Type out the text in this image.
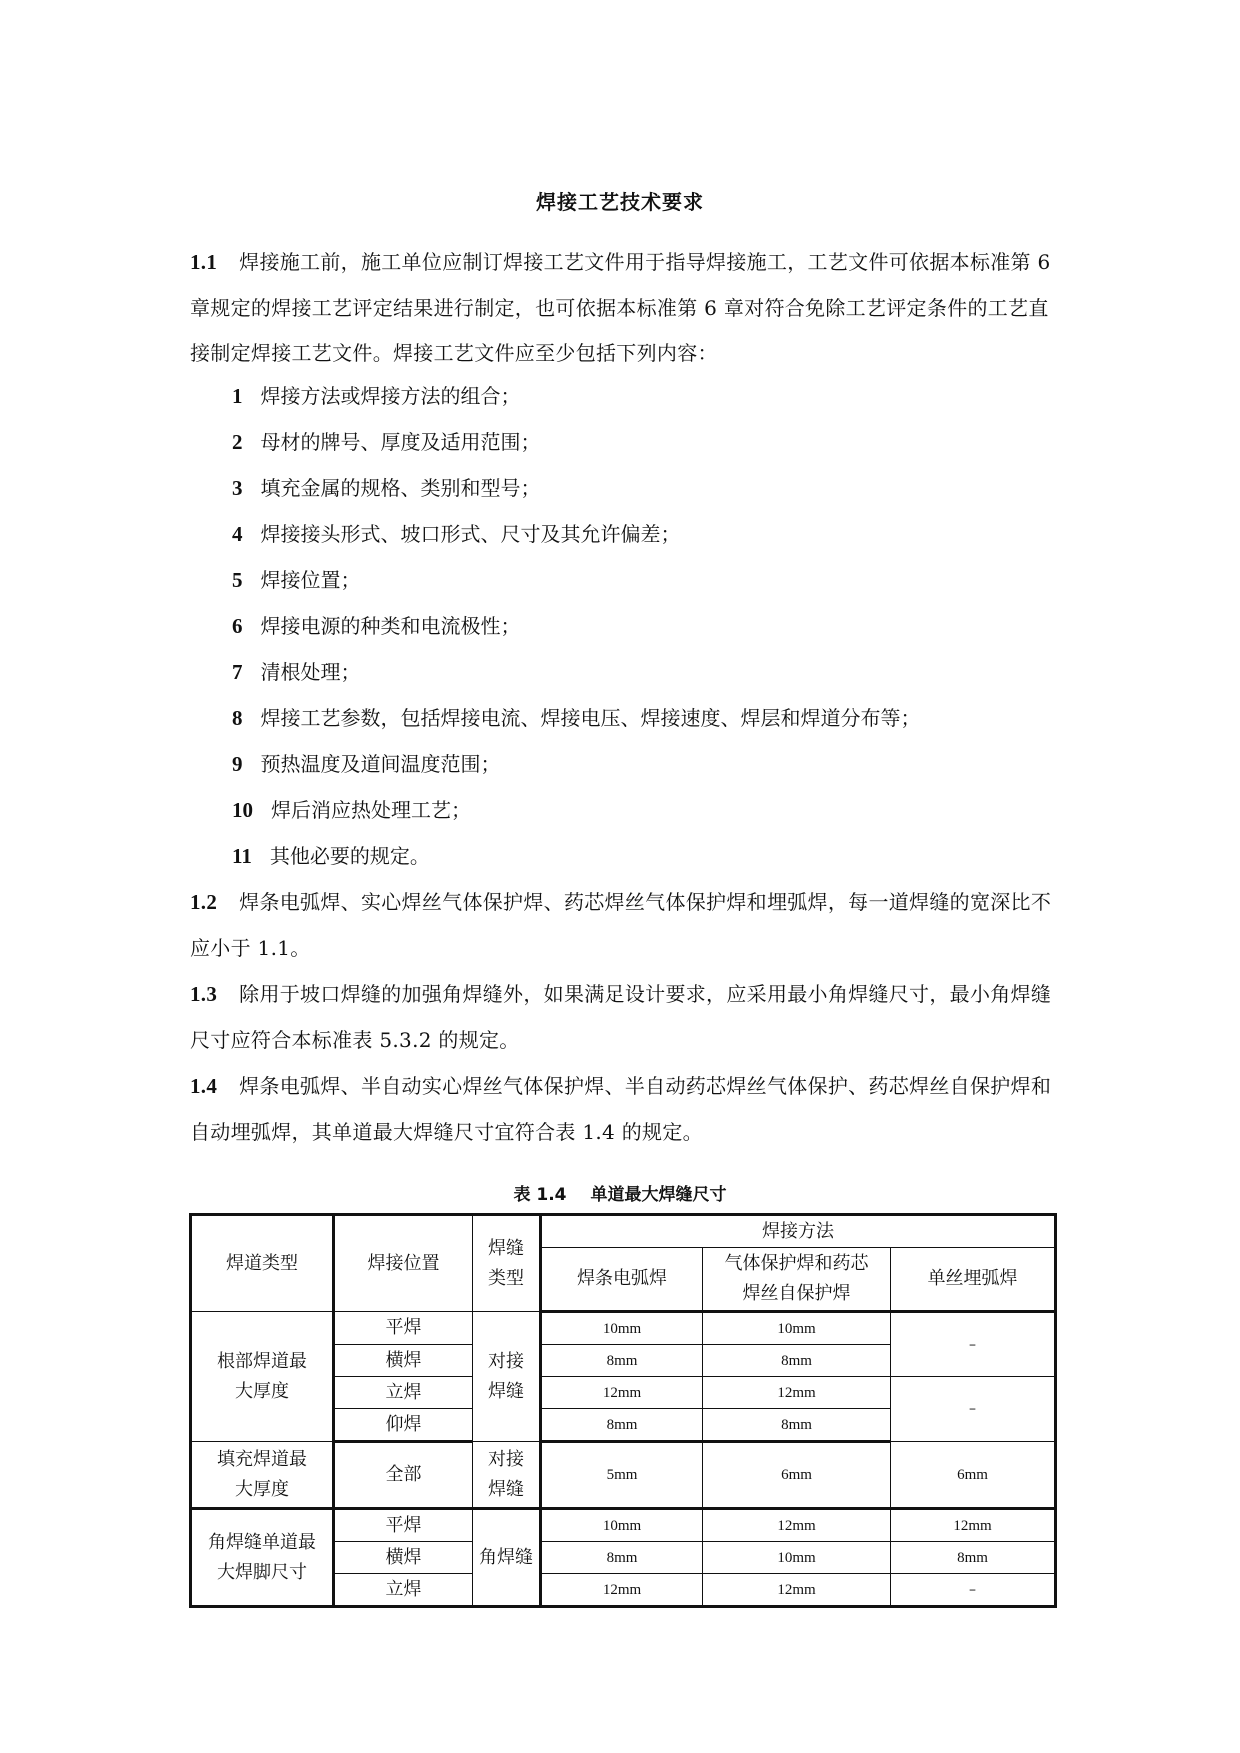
焊接工艺技术要求

1.1 焊接施工前，施工单位应制订焊接工艺文件用于指导焊接施工，工艺文件可依据本标准第 6 章规定的焊接工艺评定结果进行制定，也可依据本标准第 6 章对符合免除工艺评定条件的工艺直接制定焊接工艺文件。焊接工艺文件应至少包括下列内容：

1 焊接方法或焊接方法的组合；

2 母材的牌号、厚度及适用范围；

3 填充金属的规格、类别和型号；

4 焊接接头形式、坡口形式、尺寸及其允许偏差；

5 焊接位置；

6 焊接电源的种类和电流极性；

7 清根处理；

8 焊接工艺参数，包括焊接电流、焊接电压、焊接速度、焊层和焊道分布等；

9 预热温度及道间温度范围；

10 焊后消应热处理工艺；

11 其他必要的规定。

1.2 焊条电弧焊、实心焊丝气体保护焊、药芯焊丝气体保护焊和埋弧焊，每一道焊缝的宽深比不应小于 1.1。

1.3 除用于坡口焊缝的加强角焊缝外，如果满足设计要求，应采用最小角焊缝尺寸，最小角焊缝尺寸应符合本标准表 5.3.2 的规定。

1.4 焊条电弧焊、半自动实心焊丝气体保护焊、半自动药芯焊丝气体保护、药芯焊丝自保护焊和自动埋弧焊，其单道最大焊缝尺寸宜符合表 1.4 的规定。

表 1.4 单道最大焊缝尺寸
焊道类型	焊接位置	焊缝类型	焊接方法		
			焊条电弧焊	气体保护焊和药芯焊丝自保护焊	单丝埋弧焊
根部焊道最大厚度	平焊	对接焊缝	10mm	10mm	–
	横焊		8mm	8mm	
	立焊		12mm	12mm	–
	仰焊		8mm	8mm	
填充焊道最大厚度	全部	对接焊缝	5mm	6mm	6mm
角焊缝单道最大焊脚尺寸	平焊	角焊缝	10mm	12mm	12mm
	横焊		8mm	10mm	8mm
	立焊		12mm	12mm	–
